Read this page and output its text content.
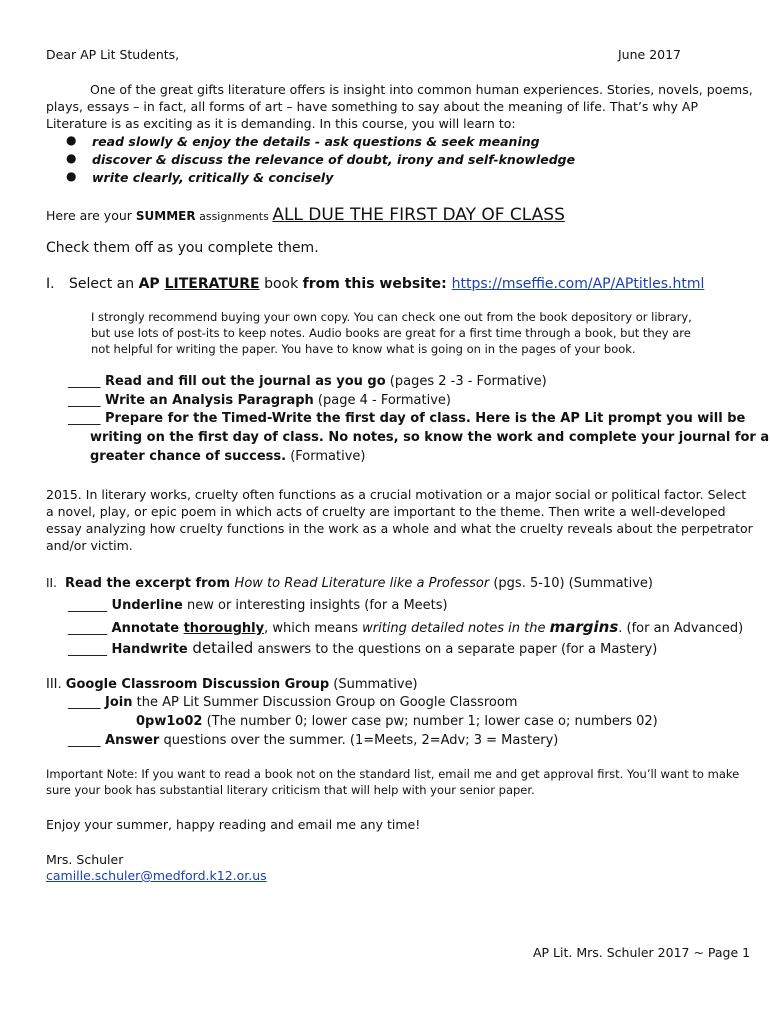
Dear AP Lit Students,	June 2017
One of the great gifts literature offers is insight into common human experiences. Stories, novels, poems,
plays, essays – in fact, all forms of art – have something to say about the meaning of life. That’s why AP
Literature is as exciting as it is demanding. In this course, you will learn to:
● read slowly & enjoy the details - ask questions & seek meaning
● discover & discuss the relevance of doubt, irony and self-knowledge
● write clearly, critically & concisely
Here are your SUMMER assignments ALL DUE THE FIRST DAY OF CLASS
Check them off as you complete them.
I. Select an AP LITERATURE book from this website: https://mseffie.com/AP/APtitles.html
I strongly recommend buying your own copy. You can check one out from the book depository or library,
but use lots of post-its to keep notes. Audio books are great for a first time through a book, but they are
not helpful for writing the paper. You have to know what is going on in the pages of your book.
_____ Read and fill out the journal as you go (pages 2 -3 - Formative)
_____ Write an Analysis Paragraph (page 4 - Formative)
_____ Prepare for the Timed-Write the first day of class. Here is the AP Lit prompt you will be
writing on the first day of class. No notes, so know the work and complete your journal for a
greater chance of success. (Formative)
2015. In literary works, cruelty often functions as a crucial motivation or a major social or political factor. Select
a novel, play, or epic poem in which acts of cruelty are important to the theme. Then write a well-developed
essay analyzing how cruelty functions in the work as a whole and what the cruelty reveals about the perpetrator
and/or victim.
II. Read the excerpt from How to Read Literature like a Professor (pgs. 5-10) (Summative)
______ Underline new or interesting insights (for a Meets)
______ Annotate thoroughly, which means writing detailed notes in the margins. (for an Advanced)
______ Handwrite detailed answers to the questions on a separate paper (for a Mastery)
III. Google Classroom Discussion Group (Summative)
_____ Join the AP Lit Summer Discussion Group on Google Classroom
0pw1o02 (The number 0; lower case pw; number 1; lower case o; numbers 02)
_____ Answer questions over the summer. (1=Meets, 2=Adv; 3 = Mastery)
Important Note: If you want to read a book not on the standard list, email me and get approval first. You’ll want to make
sure your book has substantial literary criticism that will help with your senior paper.
Enjoy your summer, happy reading and email me any time!
Mrs. Schuler
camille.schuler@medford.k12.or.us
AP Lit. Mrs. Schuler 2017 ~ Page 1
